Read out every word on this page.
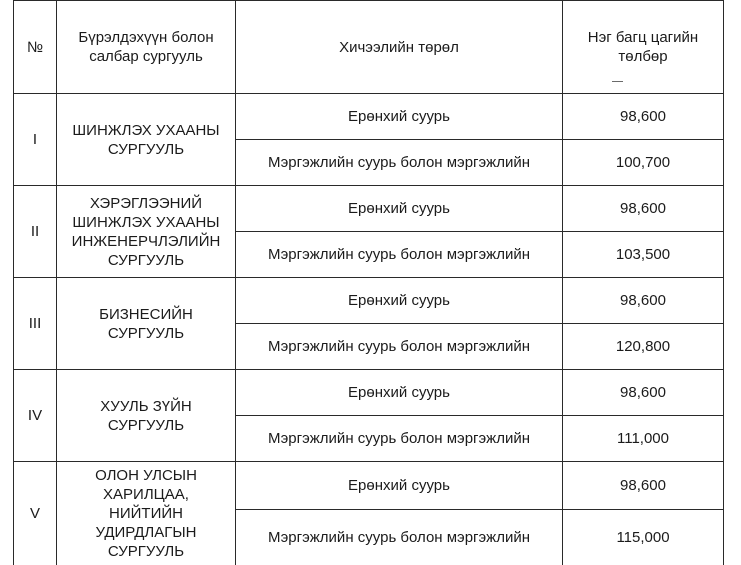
№	Бүрэлдэхүүн болон салбар сургууль	Хичээлийн төрөл	Нэг багц цагийн төлбөр

I	ШИНЖЛЭХ УХААНЫ СУРГУУЛЬ	Ерөнхий суурь	98,600
		Мэргэжлийн суурь болон мэргэжлийн	100,700
II	ХЭРЭГЛЭЭНИЙ ШИНЖЛЭХ УХААНЫ ИНЖЕНЕРЧЛЭЛИЙН СУРГУУЛЬ	Ерөнхий суурь	98,600
		Мэргэжлийн суурь болон мэргэжлийн	103,500
III	БИЗНЕСИЙН СУРГУУЛЬ	Ерөнхий суурь	98,600
		Мэргэжлийн суурь болон мэргэжлийн	120,800
IV	ХУУЛЬ ЗҮЙН СУРГУУЛЬ	Ерөнхий суурь	98,600
		Мэргэжлийн суурь болон мэргэжлийн	111,000
V	ОЛОН УЛСЫН ХАРИЛЦАА, НИЙТИЙН УДИРДЛАГЫН СУРГУУЛЬ	Ерөнхий суурь	98,600
		Мэргэжлийн суурь болон мэргэжлийн	115,000
